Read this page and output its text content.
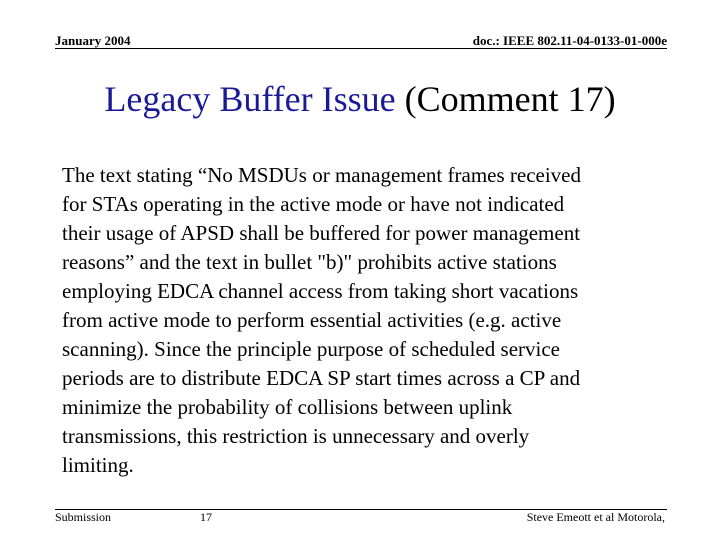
January 2004	doc.: IEEE 802.11-04-0133-01-000e
Legacy Buffer Issue (Comment 17)
The text stating “No MSDUs or management frames received
for STAs operating in the active mode or have not indicated
their usage of APSD shall be buffered for power management
reasons” and the text in bullet "b)" prohibits active stations
employing EDCA channel access from taking short vacations
from active mode to perform essential activities (e.g. active
scanning). Since the principle purpose of scheduled service
periods are to distribute EDCA SP start times across a CP and
minimize the probability of collisions between uplink
transmissions, this restriction is unnecessary and overly
limiting.
Submission	17	Steve Emeott et al Motorola,
